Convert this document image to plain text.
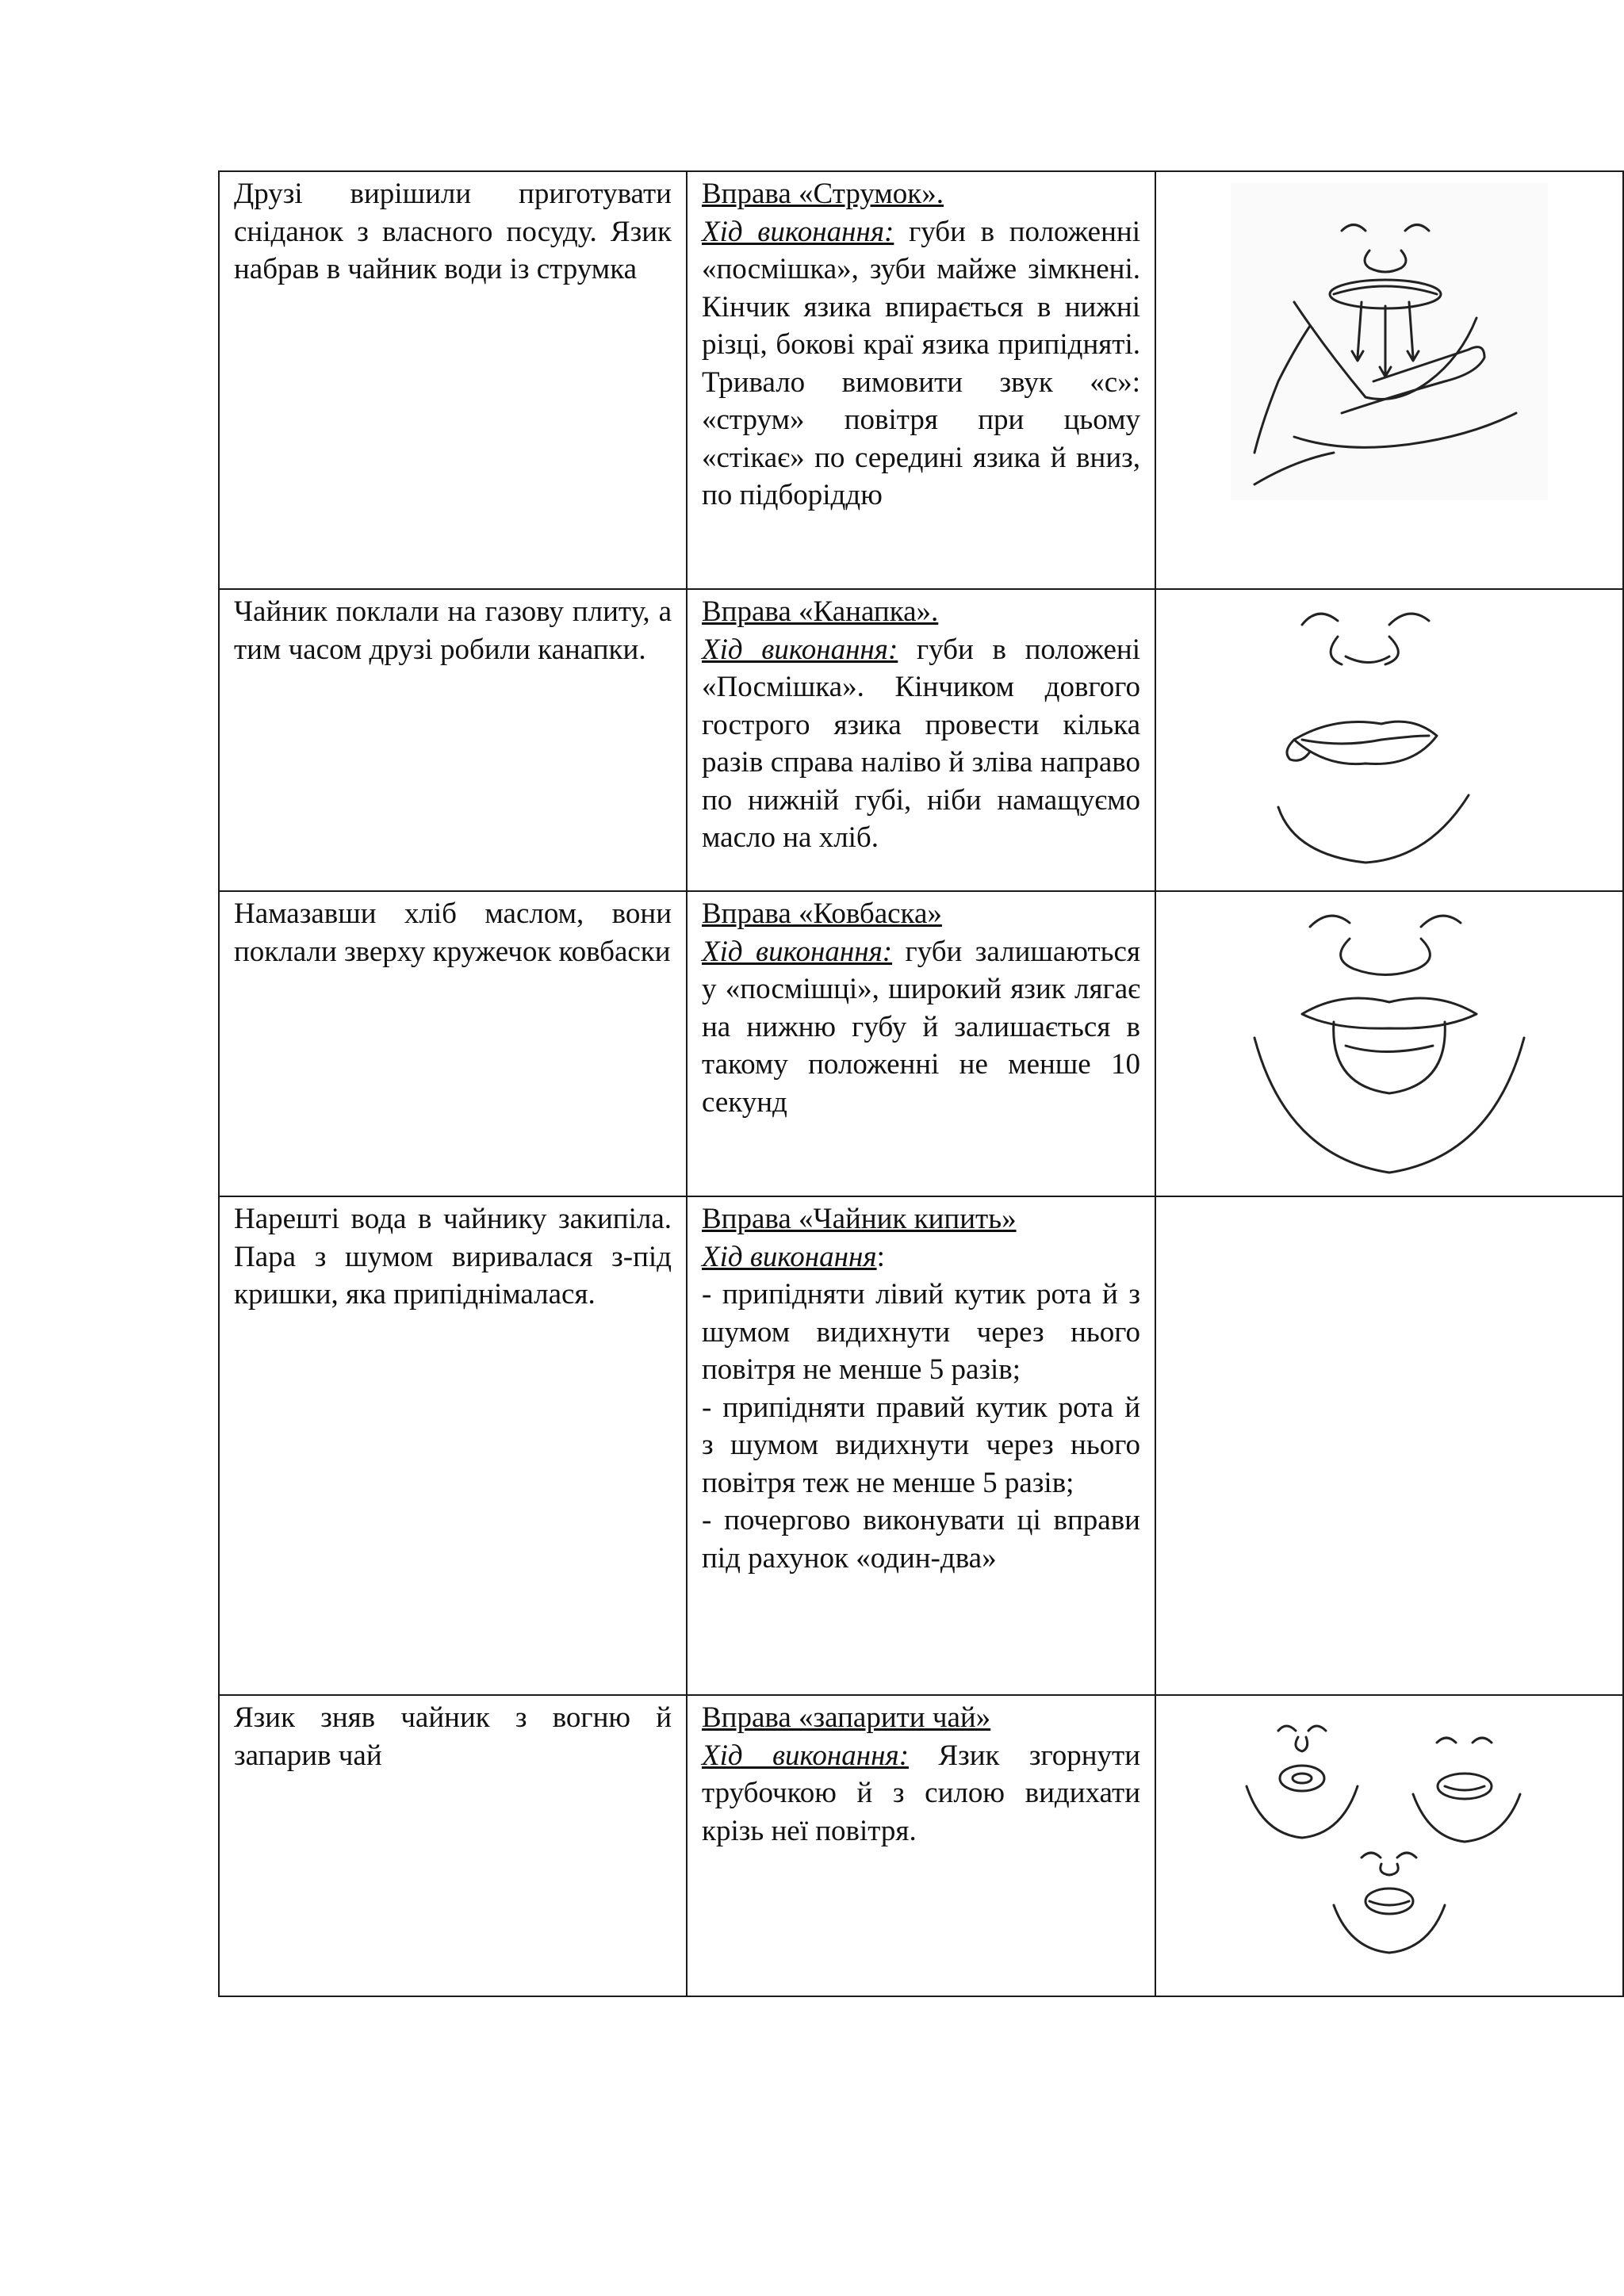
Друзі вирішили приготувати сніданок з власного посуду. Язик набрав в чайник води із струмка	Вправа «Струмок».
Хід виконання: губи в положенні «посмішка», зуби майже зімкнені. Кінчик язика впирається в нижні різці, бокові краї язика припідняті. Тривало вимовити звук «с»: «струм» повітря при цьому «стікає» по середині язика й вниз, по підборіддю

Чайник поклали на газову плиту, а тим часом друзі робили канапки.	Вправа «Канапка».
Хід виконання: губи в положені «Посмішка». Кінчиком довгого гострого язика провести кілька разів справа наліво й зліва направо по нижній губі, ніби намащуємо масло на хліб.

Намазавши хліб маслом, вони поклали зверху кружечок ковбаски	Вправа «Ковбаска»
Хід виконання: губи залишаються у «посмішці», широкий язик лягає на нижню губу й залишається в такому положенні не менше 10 секунд

Нарешті вода в чайнику закипіла. Пара з шумом виривалася з-під кришки, яка припіднімалася.	Вправа «Чайник кипить»
Хід виконання:
- припідняти лівий кутик рота й з шумом видихнути через нього повітря не менше 5 разів;
- припідняти правий кутик рота й з шумом видихнути через нього повітря теж не менше 5 разів;
- почергово виконувати ці вправи під рахунок «один-два»	

Язик зняв чайник з вогню й запарив чай	Вправа «запарити чай»
Хід виконання: Язик згорнути трубочкою й з силою видихати крізь неї повітря.
